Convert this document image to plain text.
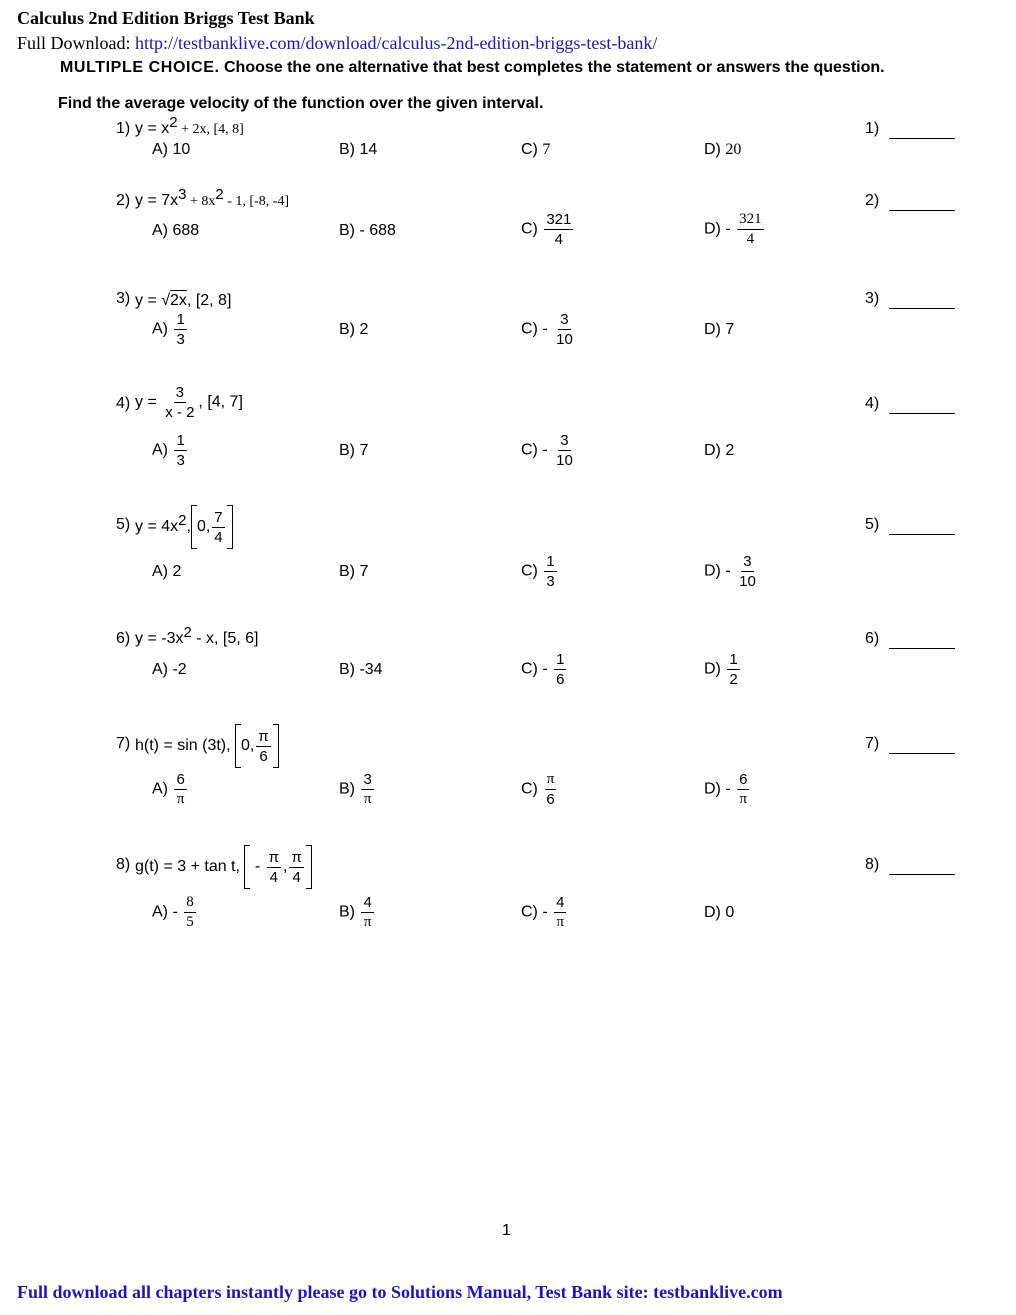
Calculus 2nd Edition Briggs Test Bank
Full Download: http://testbanklive.com/download/calculus-2nd-edition-briggs-test-bank/
MULTIPLE CHOICE. Choose the one alternative that best completes the statement or answers the question.
Find the average velocity of the function over the given interval.
1) $y = x^2 + 2x$, [4, 8]	1)
A) 10	B) 14	C) 7	D) 20
2) $y = 7x^3 + 8x^2 - 1$, [-8, -4]	2)
A) 688	B) - 688	$C) \frac{321}{4}$	$D) - \frac{321}{4}$
3) y = √2x, [2, 8]	3)
$A) \frac{1}{3}$	B) 2	$C) - \frac{3}{10}$	D) 7
4) $y = \frac{3}{x - 2}$ , [4, 7]	4)
$A) \frac{1}{3}$	B) 7	$C) - \frac{3}{10}$	D) 2
5) $y = 4x^2$, 0, $\frac{7}{4}$	5)
A) 2	B) 7	$C) \frac{1}{3}$	$D) - \frac{3}{10}$
6) $y = -3x^2 - x$, [5, 6]	6)
A) -2	B) -34	$C) - \frac{1}{6}$	$D) \frac{1}{2}$
7) h(t) = sin (3t), 0, $\frac{\pi}{6}$	7)
$A) \frac{6}{\pi}$	$B) \frac{3}{\pi}$	$C) \frac{\pi}{6}$	$D) - \frac{6}{\pi}$
8) g(t) = 3 + tan t, - $\frac{\pi}{4}$ , $\frac{\pi}{4}$	8)
$A) - \frac{8}{5}$	$B) \frac{4}{\pi}$	$C) - \frac{4}{\pi}$	D) 0
1
Full download all chapters instantly please go to Solutions Manual, Test Bank site: testbanklive.com
